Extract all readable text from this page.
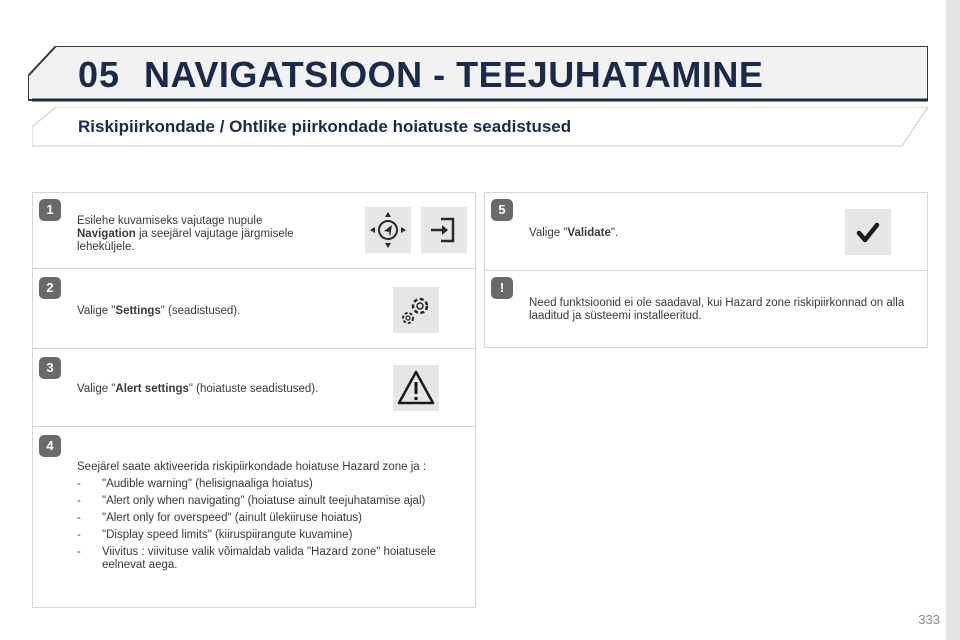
05 NAVIGATSIOON - TEEJUHATAMINE
Riskipiirkondade / Ohtlike piirkondade hoiatuste seadistused
1
Esilehe kuvamiseks vajutage nupule Navigation ja seejärel vajutage järgmisele leheküljele.
2
Valige "Settings" (seadistused).
3
Valige "Alert settings" (hoiatuste seadistused).
4
Seejärel saate aktiveerida riskipiirkondade hoiatuse Hazard zone ja :
- "Audible warning" (helisignaaliga hoiatus)
- "Alert only when navigating" (hoiatuse ainult teejuhatamise ajal)
- "Alert only for overspeed" (ainult ülekiiruse hoiatus)
- "Display speed limits" (kiiruspiirangute kuvamine)
- Viivitus : viivituse valik võimaldab valida "Hazard zone" hoiatusele eelnevat aega.
5
Valige "Validate".
!
Need funktsioonid ei ole saadaval, kui Hazard zone riskipiirkonnad on alla laaditud ja süsteemi installeeritud.
333
